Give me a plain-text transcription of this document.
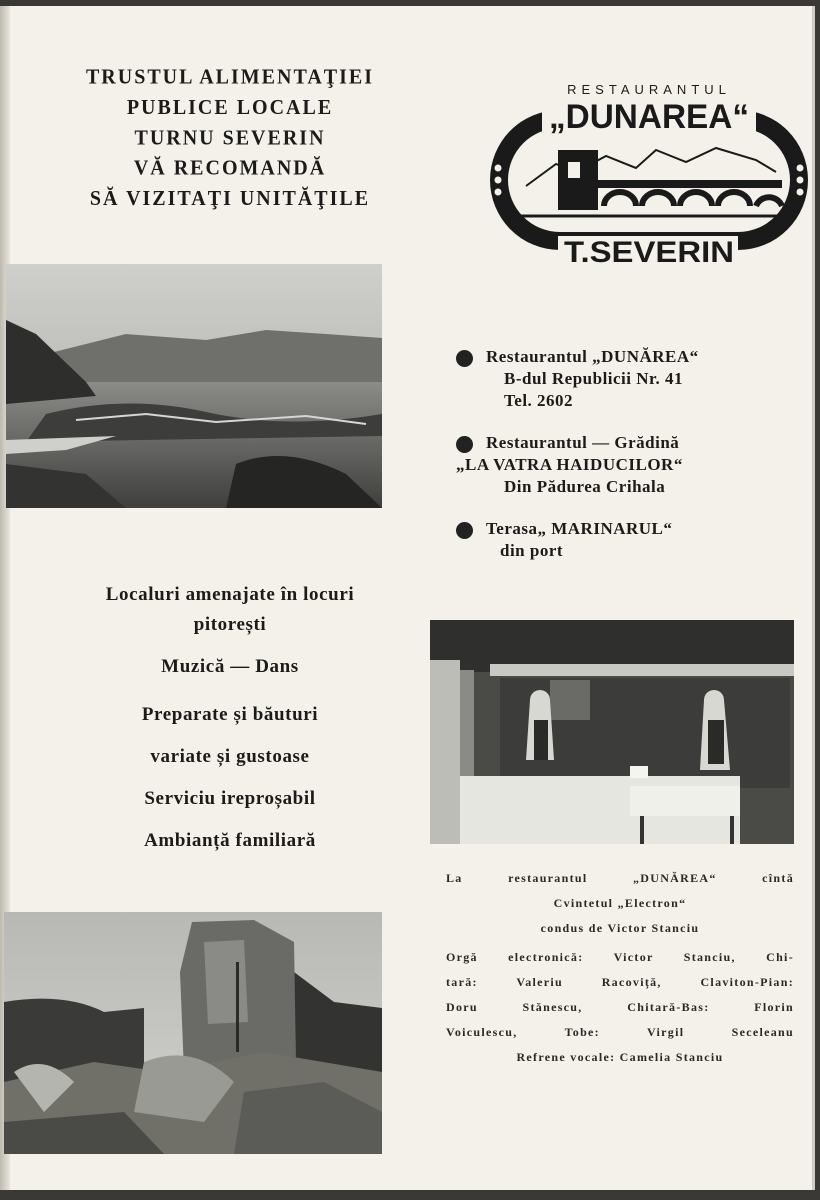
TRUSTUL ALIMENTAŢIEI
PUBLICE LOCALE
TURNU SEVERIN
VĂ RECOMANDĂ
SĂ VIZITAŢI UNITĂŢILE
RESTAURANTUL
„DUNAREA“
T.SEVERIN
Restaurantul „DUNĂREA“
B-dul Republicii Nr. 41
Tel. 2602
Restaurantul — Grădină
„LA VATRA HAIDUCILOR“
Din Pădurea Crihala
Terasa„ MARINARUL“
din port
Localuri amenajate în locuri
pitorești
Muzică — Dans
Preparate și băuturi
variate și gustoase
Serviciu ireproșabil
Ambianță familiară
La restaurantul „DUNĂREA“ cîntă
Cvintetul „Electron“
condus de Victor Stanciu
Orgă electronică: Victor Stanciu, Chi-
tară: Valeriu Racoviță, Claviton-Pian:
Doru Stănescu, Chitară-Bas: Florin
Voiculescu, Tobe: Virgil Seceleanu
Refrene vocale: Camelia Stanciu
